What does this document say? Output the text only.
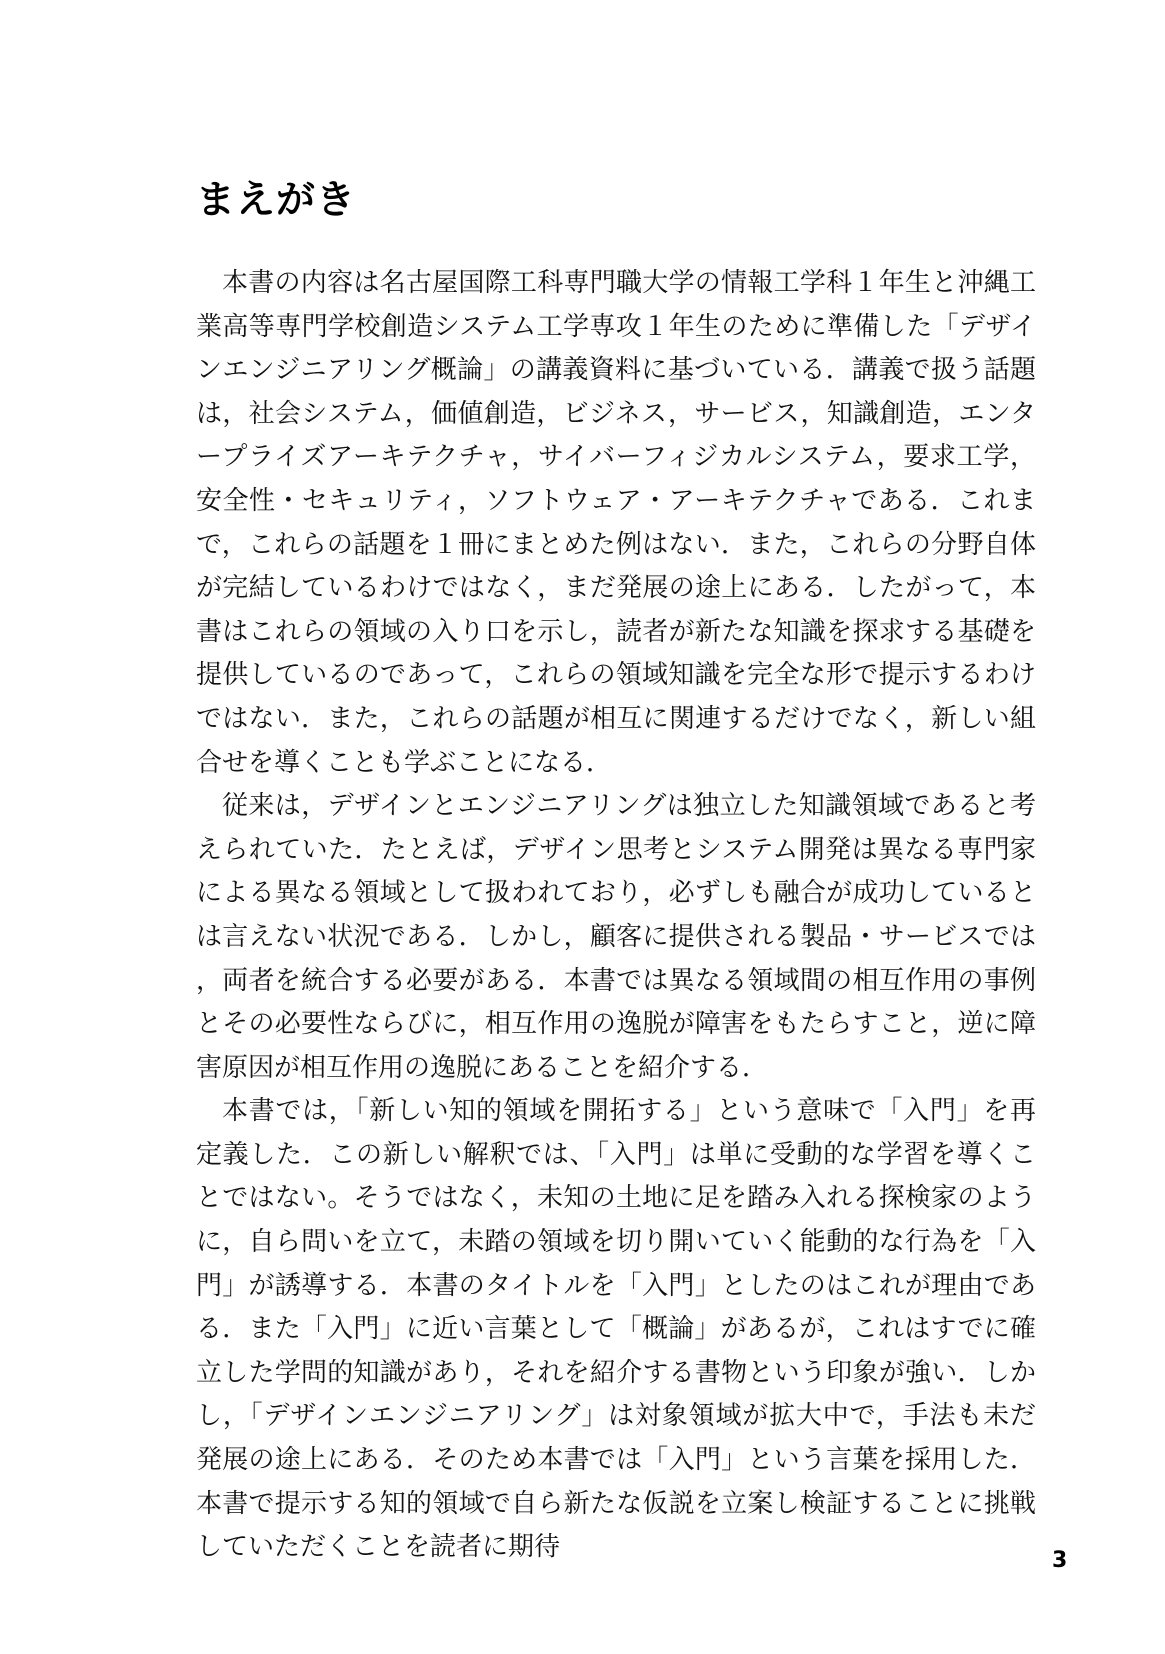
まえがき

本書の内容は名古屋国際工科専門職大学の情報工学科１年生と沖縄工業高等専門学校創造システム工学専攻１年生のために準備した「デザインエンジニアリング概論」の講義資料に基づいている．講義で扱う話題は，社会システム，価値創造，ビジネス，サービス，知識創造，エンタープライズアーキテクチャ，サイバーフィジカルシステム，要求工学，安全性・セキュリティ，ソフトウェア・アーキテクチャである．これまで，これらの話題を１冊にまとめた例はない．また，これらの分野自体が完結しているわけではなく，まだ発展の途上にある．したがって，本書はこれらの領域の入り口を示し，読者が新たな知識を探求する基礎を提供しているのであって，これらの領域知識を完全な形で提示するわけではない．また，これらの話題が相互に関連するだけでなく，新しい組合せを導くことも学ぶことになる．

従来は，デザインとエンジニアリングは独立した知識領域であると考えられていた．たとえば，デザイン思考とシステム開発は異なる専門家による異なる領域として扱われており，必ずしも融合が成功しているとは言えない状況である．しかし，顧客に提供される製品・サービスでは，両者を統合する必要がある．本書では異なる領域間の相互作用の事例とその必要性ならびに，相互作用の逸脱が障害をもたらすこと，逆に障害原因が相互作用の逸脱にあることを紹介する．

本書では，「新しい知的領域を開拓する」という意味で「入門」を再定義した．この新しい解釈では、「入門」は単に受動的な学習を導くことではない。そうではなく，未知の土地に足を踏み入れる探検家のように，自ら問いを立て，未踏の領域を切り開いていく能動的な行為を「入門」が誘導する．本書のタイトルを「入門」としたのはこれが理由である．また「入門」に近い言葉として「概論」があるが，これはすでに確立した学問的知識があり，それを紹介する書物という印象が強い．しかし，「デザインエンジニアリング」は対象領域が拡大中で，手法も未だ発展の途上にある．そのため本書では「入門」という言葉を採用した．本書で提示する知的領域で自ら新たな仮説を立案し検証することに挑戦していただくことを読者に期待	3
